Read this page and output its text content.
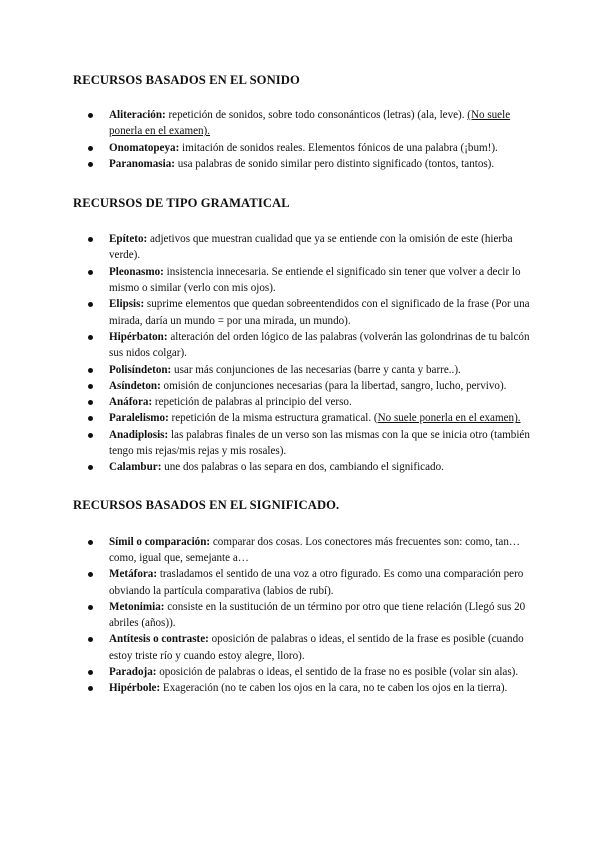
RECURSOS BASADOS EN EL SONIDO
Aliteración: repetición de sonidos, sobre todo consonánticos (letras) (ala, leve). (No suele ponerla en el examen).
Onomatopeya: imitación de sonidos reales. Elementos fónicos de una palabra (¡bum!).
Paranomasia: usa palabras de sonido similar pero distinto significado (tontos, tantos).
RECURSOS DE TIPO GRAMATICAL
Epíteto: adjetivos que muestran cualidad que ya se entiende con la omisión de este (hierba verde).
Pleonasmo: insistencia innecesaria. Se entiende el significado sin tener que volver a decir lo mismo o similar (verlo con mis ojos).
Elipsis: suprime elementos que quedan sobreentendidos con el significado de la frase (Por una mirada, daría un mundo = por una mirada, un mundo).
Hipérbaton: alteración del orden lógico de las palabras (volverán las golondrinas de tu balcón sus nidos colgar).
Polisíndeton: usar más conjunciones de las necesarias (barre y canta y barre..).
Asíndeton: omisión de conjunciones necesarias (para la libertad, sangro, lucho, pervivo).
Anáfora: repetición de palabras al principio del verso.
Paralelismo: repetición de la misma estructura gramatical. (No suele ponerla en el examen).
Anadiplosis: las palabras finales de un verso son las mismas con la que se inicia otro (también tengo mis rejas/mis rejas y mis rosales).
Calambur: une dos palabras o las separa en dos, cambiando el significado.
RECURSOS BASADOS EN EL SIGNIFICADO.
Símil o comparación: comparar dos cosas. Los conectores más frecuentes son: como, tan…como, igual que, semejante a…
Metáfora: trasladamos el sentido de una voz a otro figurado. Es como una comparación pero obviando la partícula comparativa (labios de rubí).
Metonimia: consiste en la sustitución de un término por otro que tiene relación (Llegó sus 20 abriles (años)).
Antítesis o contraste: oposición de palabras o ideas, el sentido de la frase es posible (cuando estoy triste río y cuando estoy alegre, lloro).
Paradoja: oposición de palabras o ideas, el sentido de la frase no es posible (volar sin alas).
Hipérbole: Exageración (no te caben los ojos en la cara, no te caben los ojos en la tierra).
